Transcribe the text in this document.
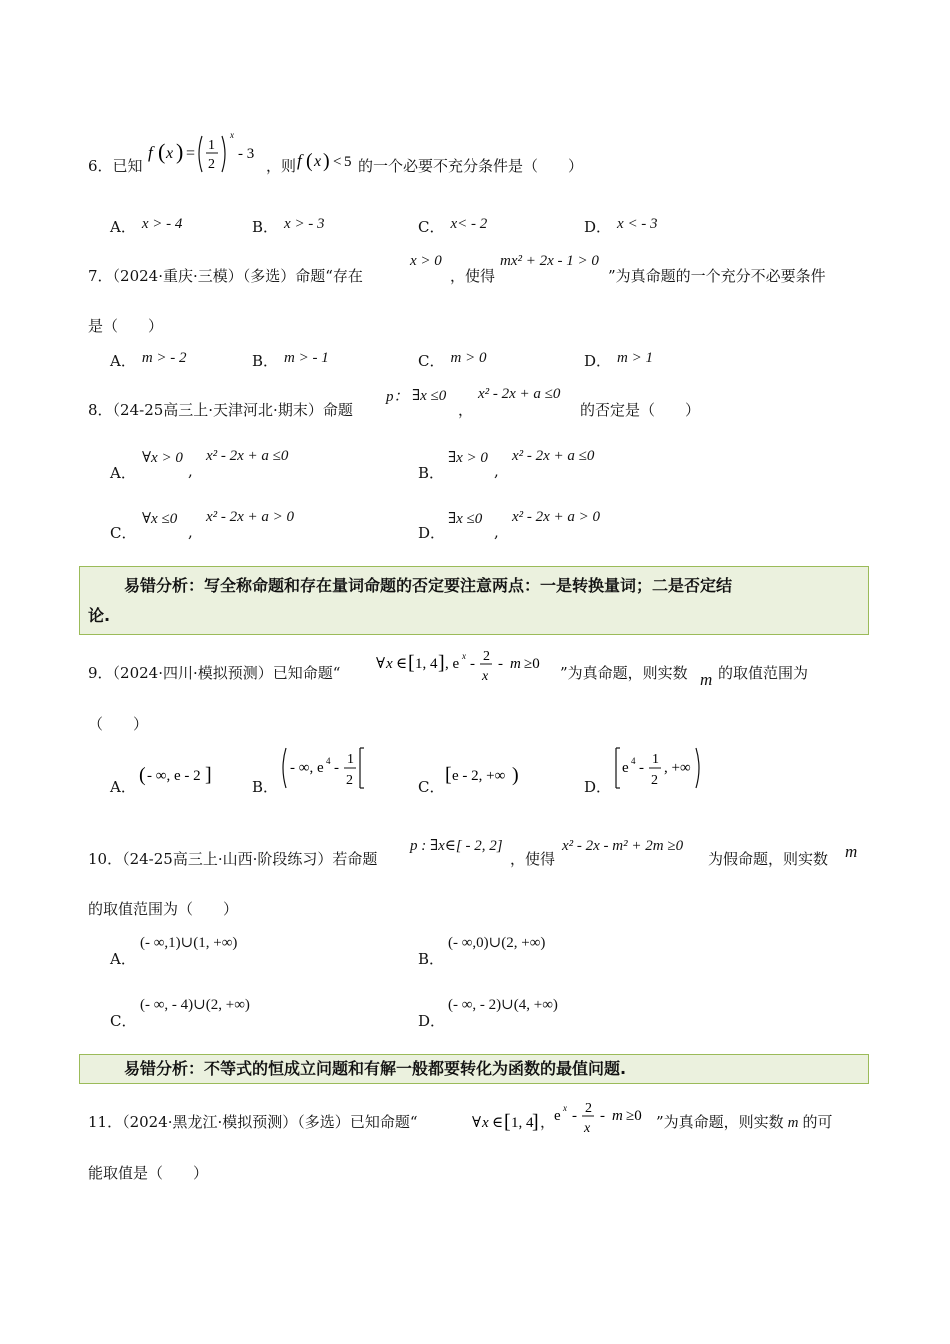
6．已知
f ( x ) = 1
2
x
- 3
，则 f ( x ) < 5 的一个必要不充分条件是（　　）
A． x > - 4	B． x > - 3	C． x< - 2	D． x < - 3
7．（2024·重庆·三模）（多选）命题“存在
x > 0
，使得
mx² + 2x - 1 > 0
”为真命题的一个充分不必要条件
是（　　）
A． m > - 2	B． m > - 1	C． m > 0	D． m > 1
8．（24-25高三上·天津河北·期末）命题
p： ∃x ≤0
，
x² - 2x + a ≤0
的否定是（　　）
A．
∀x > 0
,
x² - 2x + a ≤0
B．
∃x > 0
,
x² - 2x + a ≤0
C．
∀x ≤0
,
x² - 2x + a > 0
D．
∃x ≤0
,
x² - 2x + a > 0
易错分析：写全称命题和存在量词命题的否定要注意两点：一是转换量词；二是否定结
论.
9．（2024·四川·模拟预测）已知命题“ ∀ x ∈ [ 1, 4 ] , e x - 2
x
- m ≥0 ”为真命题，则实数 m 的取值范围为
（　　）
A．
( - ∞, e - 2 ]
B．
- ∞, e 4 -
1
2	C．
[ e - 2, +∞ )
D．
e 4 -
1
2
, +∞
10．（24-25高三上·山西·阶段练习）若命题
p : ∃x∈[ - 2, 2]
，使得
x² - 2x - m² + 2m ≥0
为假命题，则实数 m
的取值范围为（　　）
A．
(- ∞,1)∪(1, +∞)
B．
(- ∞,0)∪(2, +∞)
C．
(- ∞, - 4)∪(2, +∞)
D．
(- ∞, - 2)∪(4, +∞)
易错分析：不等式的恒成立问题和有解一般都要转化为函数的最值问题.
11．（2024·黑龙江·模拟预测）（多选）已知命题“	∀ x ∈ [ 1, 4
] ，
e x - 2
x
- m ≥0 ”为真命题，则实数 m 的可
能取值是（　　）
